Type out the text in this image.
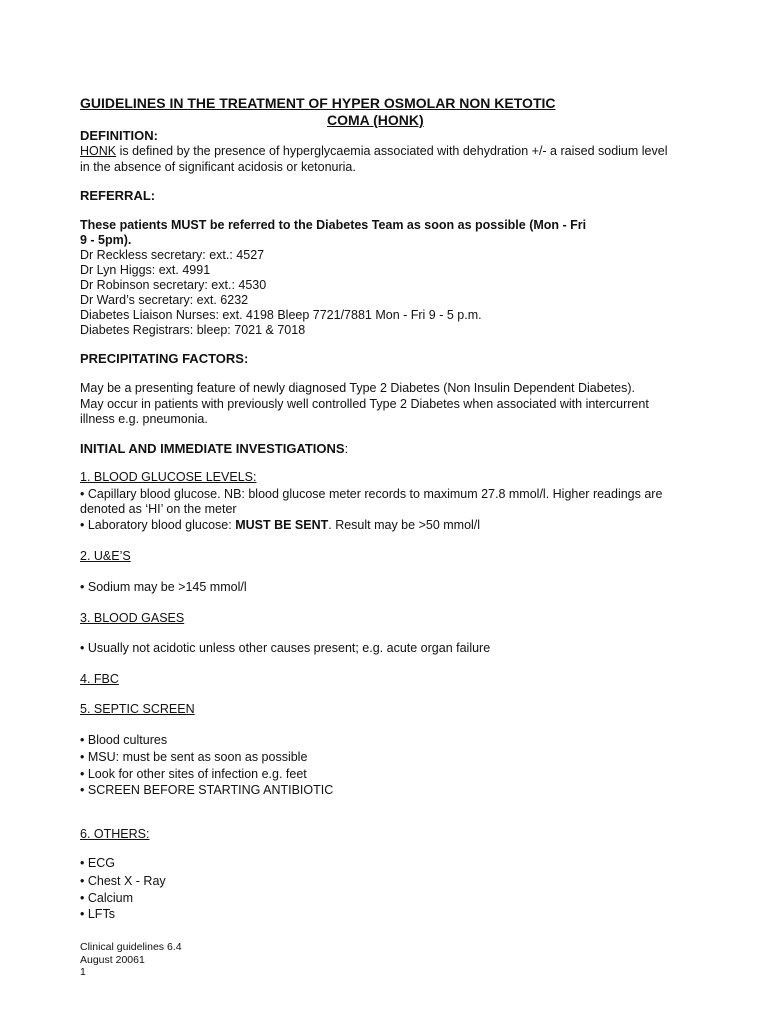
GUIDELINES IN THE TREATMENT OF HYPER OSMOLAR NON KETOTIC
COMA (HONK)
DEFINITION:
HONK is defined by the presence of hyperglycaemia associated with dehydration +/- a raised sodium level
in the absence of significant acidosis or ketonuria.
REFERRAL:
These patients MUST be referred to the Diabetes Team as soon as possible (Mon - Fri
9 - 5pm).
Dr Reckless secretary: ext.: 4527
Dr Lyn Higgs: ext. 4991
Dr Robinson secretary: ext.: 4530
Dr Ward’s secretary: ext. 6232
Diabetes Liaison Nurses: ext. 4198 Bleep 7721/7881 Mon - Fri 9 - 5 p.m.
Diabetes Registrars: bleep: 7021 & 7018
PRECIPITATING FACTORS:
May be a presenting feature of newly diagnosed Type 2 Diabetes (Non Insulin Dependent Diabetes).
May occur in patients with previously well controlled Type 2 Diabetes when associated with intercurrent
illness e.g. pneumonia.
INITIAL AND IMMEDIATE INVESTIGATIONS:
1. BLOOD GLUCOSE LEVELS:
• Capillary blood glucose. NB: blood glucose meter records to maximum 27.8 mmol/l. Higher readings are
denoted as ‘HI’ on the meter
• Laboratory blood glucose: MUST BE SENT. Result may be >50 mmol/l
2. U&E’S
• Sodium may be >145 mmol/l
3. BLOOD GASES
• Usually not acidotic unless other causes present; e.g. acute organ failure
4. FBC
5. SEPTIC SCREEN
• Blood cultures
• MSU: must be sent as soon as possible
• Look for other sites of infection e.g. feet
• SCREEN BEFORE STARTING ANTIBIOTIC
6. OTHERS:
• ECG
• Chest X - Ray
• Calcium
• LFTs
Clinical guidelines 6.4
August 20061
1
